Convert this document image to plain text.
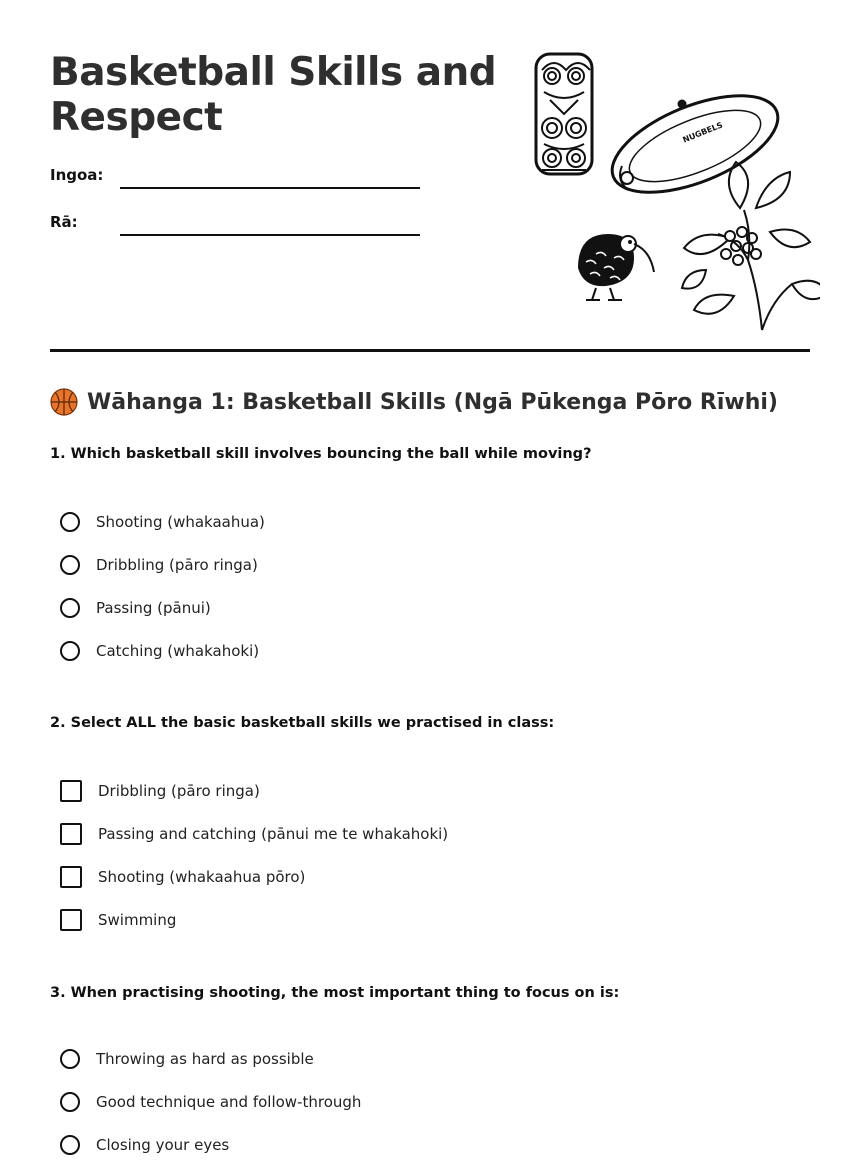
Basketball Skills and Respect
Ingoa:
Rā:
NUGBELS
Wāhanga 1: Basketball Skills (Ngā Pūkenga Pōro Rīwhi)

1. Which basketball skill involves bouncing the ball while moving?

Shooting (whakaahua)
Dribbling (pāro ringa)
Passing (pānui)
Catching (whakahoki)

2. Select ALL the basic basketball skills we practised in class:

Dribbling (pāro ringa)
Passing and catching (pānui me te whakahoki)
Shooting (whakaahua pōro)
Swimming

3. When practising shooting, the most important thing to focus on is:

Throwing as hard as possible
Good technique and follow-through
Closing your eyes
